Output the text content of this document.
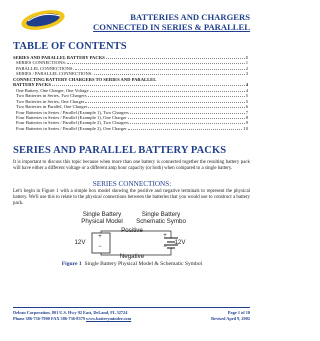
BATTERIES AND CHARGERS
CONNECTED IN SERIES & PARALLEL
TABLE OF CONTENTS
SERIES AND PARALLEL BATTERY PACKS	1
SERIES CONNECTIONS:	1
PARALLEL CONNECTIONS:	2
SERIES / PARALLEL CONNECTIONS:	3
CONNECTING BATTERY CHARGERS TO SERIES AND PARALLEL
BATTERY PACKS	4
One Battery, One Charger, One Voltage	4
Two Batteries in Series, Two Chargers	5
Two Batteries in Series, One Charger	5
Two Batteries in Parallel, One Charger	6
Four Batteries in Series / Parallel (Example 1), Two Chargers	7
Four Batteries in Series / Parallel (Example 1), One Charger	8
Four Batteries in Series / Parallel (Example 2), Two Chargers	9
Four Batteries in Series / Parallel (Example 2), One Charger	10
SERIES AND PARALLEL BATTERY PACKS
It is important to discuss this topic because when more than one battery is connected together the resulting battery pack will have either a different voltage or a different amp hour capacity (or both) when compared to a single battery.
SERIES CONNECTIONS:
Let's begin in Figure 1 with a simple box model showing the positive and negative terminals to represent the physical battery. We'll use this to relate to the physical connections between the batteries that you would use to construct a battery pack.
Single Battery
Physical Model
Single Battery
Schematic Symbo
Positive
Negative
12V	12V
+
−
+
−
Figure 1 Single Battery Physical Model & Schematic Symbol
Delran Corporation, 801 U.S. Hwy 92 East, DeLand, FL 32724
Phone 386-736-7900 FAX 386-736-8379 www.batteryminder.com
Page 1 of 10
Revised April 9, 2002
